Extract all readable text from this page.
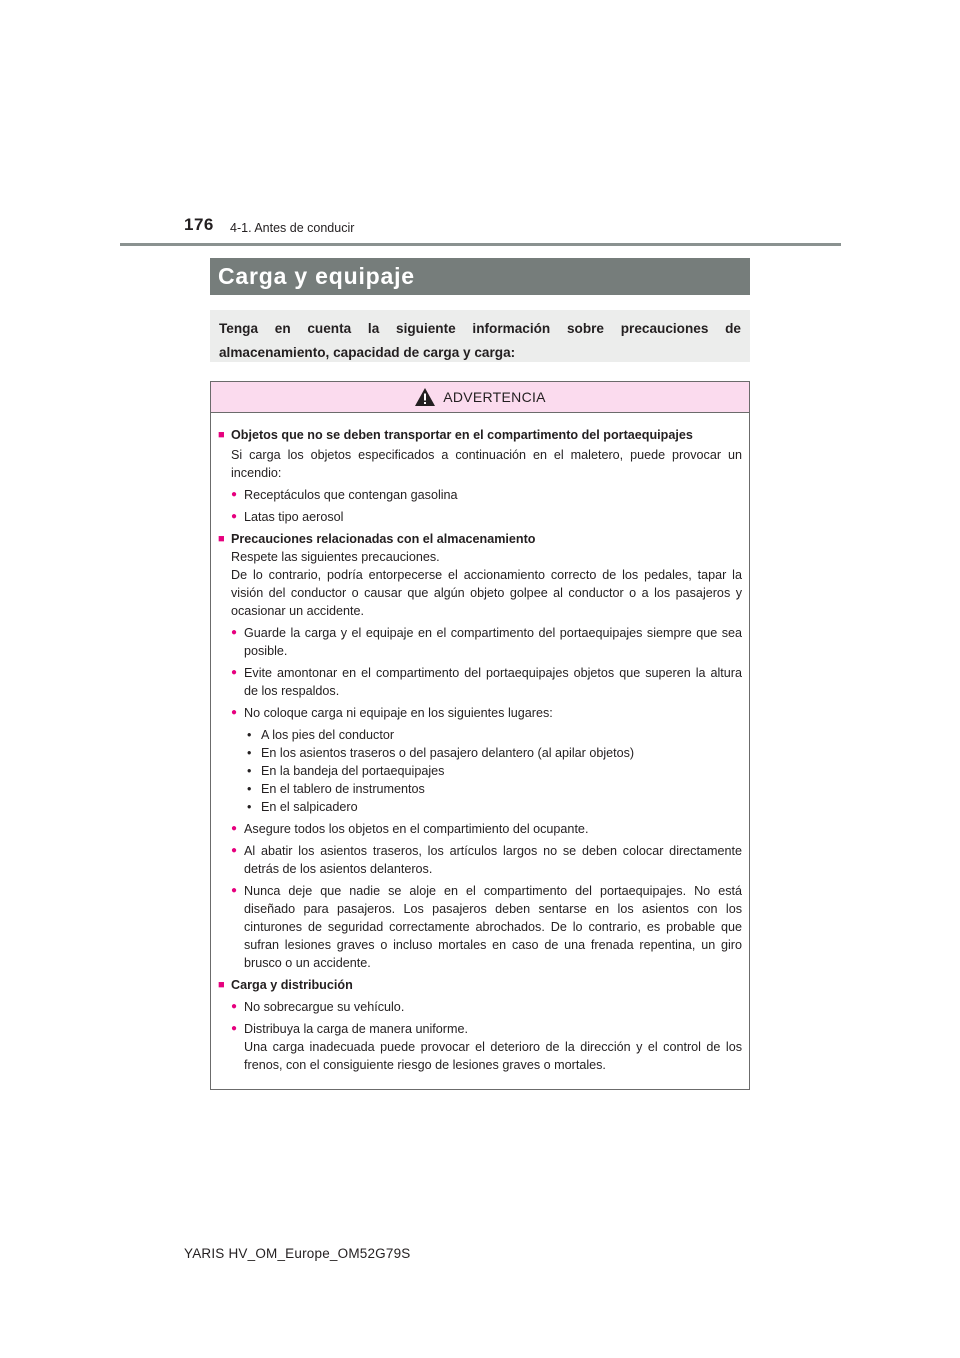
176 4-1. Antes de conducir
Carga y equipaje
Tenga en cuenta la siguiente información sobre precauciones de almacenamiento, capacidad de carga y carga:
ADVERTENCIA
■ Objetos que no se deben transportar en el compartimento del portaequipajes
Si carga los objetos especificados a continuación en el maletero, puede provocar un incendio:
● Receptáculos que contengan gasolina
● Latas tipo aerosol
■ Precauciones relacionadas con el almacenamiento
Respete las siguientes precauciones.
De lo contrario, podría entorpecerse el accionamiento correcto de los pedales, tapar la visión del conductor o causar que algún objeto golpee al conductor o a los pasajeros y ocasionar un accidente.
● Guarde la carga y el equipaje en el compartimento del portaequipajes siempre que sea posible.
● Evite amontonar en el compartimento del portaequipajes objetos que superen la altura de los respaldos.
● No coloque carga ni equipaje en los siguientes lugares:
• A los pies del conductor
• En los asientos traseros o del pasajero delantero (al apilar objetos)
• En la bandeja del portaequipajes
• En el tablero de instrumentos
• En el salpicadero
● Asegure todos los objetos en el compartimiento del ocupante.
● Al abatir los asientos traseros, los artículos largos no se deben colocar directamente detrás de los asientos delanteros.
● Nunca deje que nadie se aloje en el compartimento del portaequipajes. No está diseñado para pasajeros. Los pasajeros deben sentarse en los asientos con los cinturones de seguridad correctamente abrochados. De lo contrario, es probable que sufran lesiones graves o incluso mortales en caso de una frenada repentina, un giro brusco o un accidente.
■ Carga y distribución
● No sobrecargue su vehículo.
● Distribuya la carga de manera uniforme.
Una carga inadecuada puede provocar el deterioro de la dirección y el control de los frenos, con el consiguiente riesgo de lesiones graves o mortales.
YARIS HV_OM_Europe_OM52G79S
